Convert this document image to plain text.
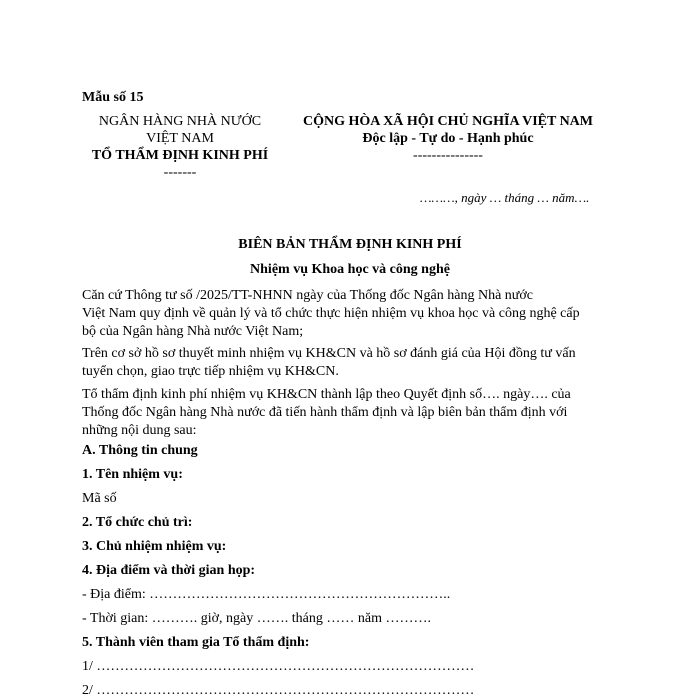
Mẫu số 15
NGÂN HÀNG NHÀ NƯỚC
VIỆT NAM
TỔ THẨM ĐỊNH KINH PHÍ
-------
CỘNG HÒA XÃ HỘI CHỦ NGHĨA VIỆT NAM
Độc lập - Tự do - Hạnh phúc
---------------
………, ngày … tháng … năm….
BIÊN BẢN THẨM ĐỊNH KINH PHÍ
Nhiệm vụ Khoa học và công nghệ
Căn cứ Thông tư số /2025/TT-NHNN ngày của Thống đốc Ngân hàng Nhà nước
Việt Nam quy định về quản lý và tổ chức thực hiện nhiệm vụ khoa học và công nghệ cấp
bộ của Ngân hàng Nhà nước Việt Nam;
Trên cơ sở hồ sơ thuyết minh nhiệm vụ KH&CN và hồ sơ đánh giá của Hội đồng tư vấn
tuyển chọn, giao trực tiếp nhiệm vụ KH&CN.
Tổ thẩm định kinh phí nhiệm vụ KH&CN thành lập theo Quyết định số…. ngày…. của
Thống đốc Ngân hàng Nhà nước đã tiến hành thẩm định và lập biên bản thẩm định với
những nội dung sau:
A. Thông tin chung
1. Tên nhiệm vụ:
Mã số
2. Tổ chức chủ trì:
3. Chủ nhiệm nhiệm vụ:
4. Địa điểm và thời gian họp:
- Địa điểm: ………………………………………………………..
- Thời gian: ………. giờ, ngày ……. tháng …… năm ……….
5. Thành viên tham gia Tổ thẩm định:
1/ ………………………………………………………………………
2/ ………………………………………………………………………
